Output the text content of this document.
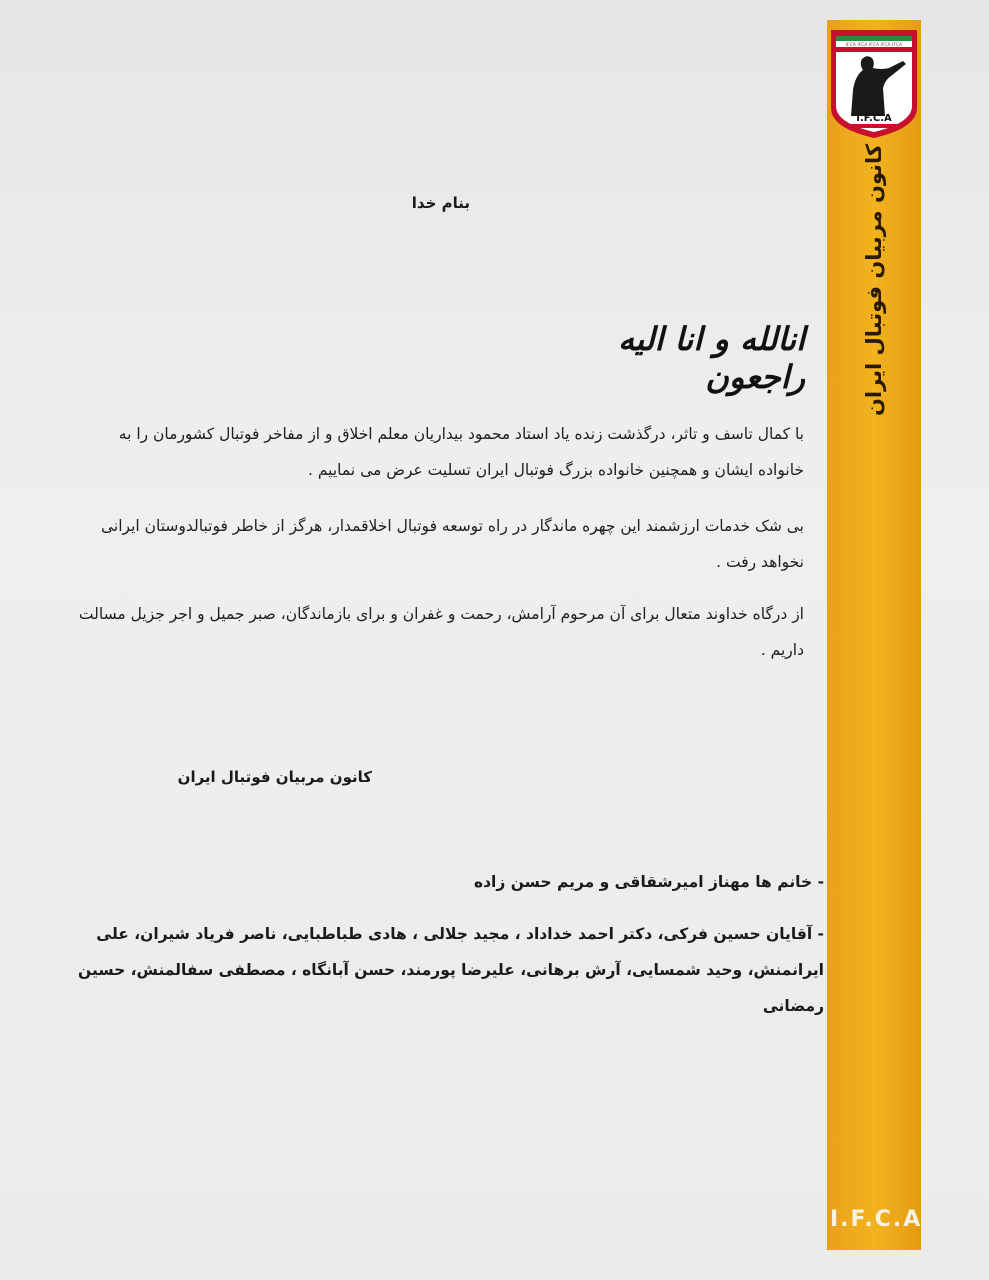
IFCA IFCA IFCA IFCA IFCA
I.F.C.A
کانون مربیان فوتبال ایران
I.F.C.A
بنام خدا
انالله و انا الیه راجعون
با کمال تاسف و تاثر، درگذشت زنده یاد استاد محمود بیداریان معلم اخلاق و از مفاخر فوتبال کشورمان را به خانواده ایشان و همچنین خانواده بزرگ فوتبال ایران تسلیت عرض می نماییم .
بی شک خدمات ارزشمند این چهره ماندگار در راه توسعه فوتبال اخلاقمدار، هرگز از خاطر فوتبالدوستان ایرانی نخواهد رفت .
از درگاه خداوند متعال برای آن مرحوم آرامش، رحمت و غفران و برای بازماندگان، صبر جمیل و اجر جزیل مسالت داریم .
کانون مربیان فوتبال ایران
- خانم ها مهناز امیرشقاقی و مریم حسن زاده
- آقایان حسین فرکی، دکتر احمد خداداد ، مجید جلالی ، هادی طباطبایی، ناصر فریاد شیران، علی ایرانمنش، وحید شمسایی، آرش برهانی، علیرضا پورمند، حسن آبانگاه ، مصطفی سفالمنش، حسین رمضانی
